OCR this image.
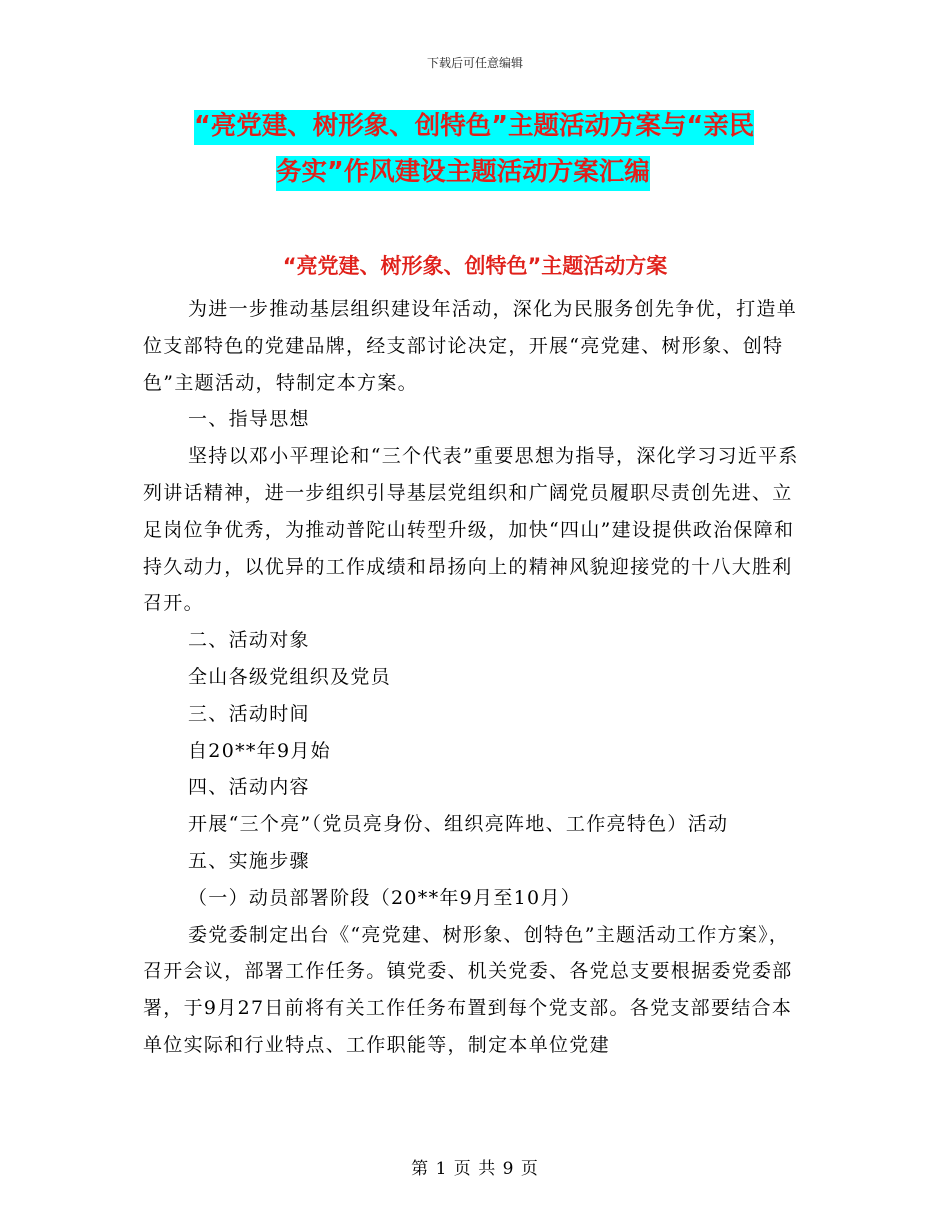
下载后可任意编辑
“亮党建、树形象、创特色”主题活动方案与“亲民
务实”作风建设主题活动方案汇编
“亮党建、树形象、创特色”主题活动方案

为进一步推动基层组织建设年活动，深化为民服务创先争优，打造单位支部特色的党建品牌，经支部讨论决定，开展“亮党建、树形象、创特色”主题活动，特制定本方案。

一、指导思想

坚持以邓小平理论和“三个代表”重要思想为指导，深化学习习近平系列讲话精神，进一步组织引导基层党组织和广阔党员履职尽责创先进、立足岗位争优秀，为推动普陀山转型升级，加快“四山”建设提供政治保障和持久动力，以优异的工作成绩和昂扬向上的精神风貌迎接党的十八大胜利召开。

二、活动对象

全山各级党组织及党员

三、活动时间

自20**年9月始

四、活动内容

开展“三个亮”（党员亮身份、组织亮阵地、工作亮特色）活动

五、实施步骤

（一）动员部署阶段（20**年9月至10月）

委党委制定出台《“亮党建、树形象、创特色”主题活动工作方案》，召开会议，部署工作任务。镇党委、机关党委、各党总支要根据委党委部署，于9月27日前将有关工作任务布置到每个党支部。各党支部要结合本单位实际和行业特点、工作职能等，制定本单位党建

第 1 页 共 9 页
